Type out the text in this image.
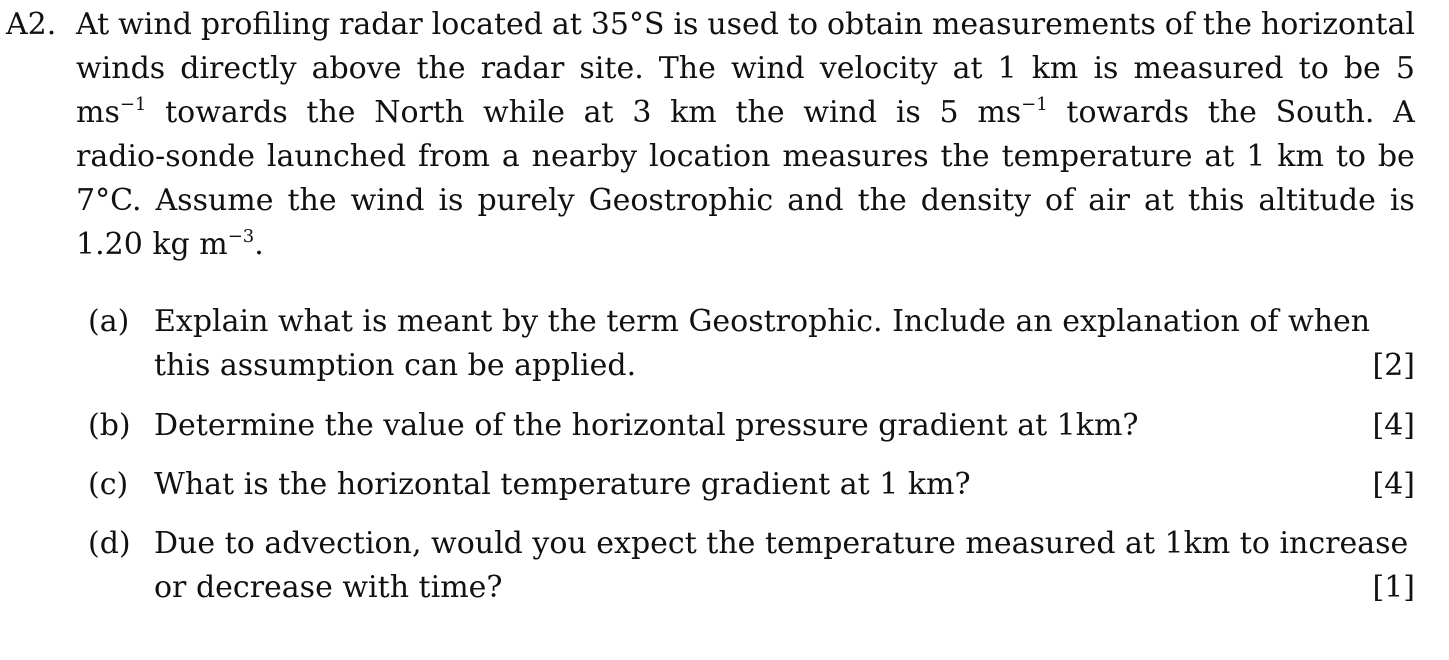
A2. At wind profiling radar located at 35°S is used to obtain measurements of the horizontal
winds directly above the radar site. The wind velocity at 1 km is measured to be 5
$ms^{-1}$ towards the North while at 3 km the wind is 5 $ms^{-1}$ towards the South. A
radio-sonde launched from a nearby location measures the temperature at 1 km to be
7°C. Assume the wind is purely Geostrophic and the density of air at this altitude is
1.20 kg $m^{-3}$.
(a) Explain what is meant by the term Geostrophic. Include an explanation of when
this assumption can be applied.	[2]
(b) Determine the value of the horizontal pressure gradient at 1km?	[4]
(c) What is the horizontal temperature gradient at 1 km?	[4]
(d) Due to advection, would you expect the temperature measured at 1km to increase
or decrease with time?	[1]
